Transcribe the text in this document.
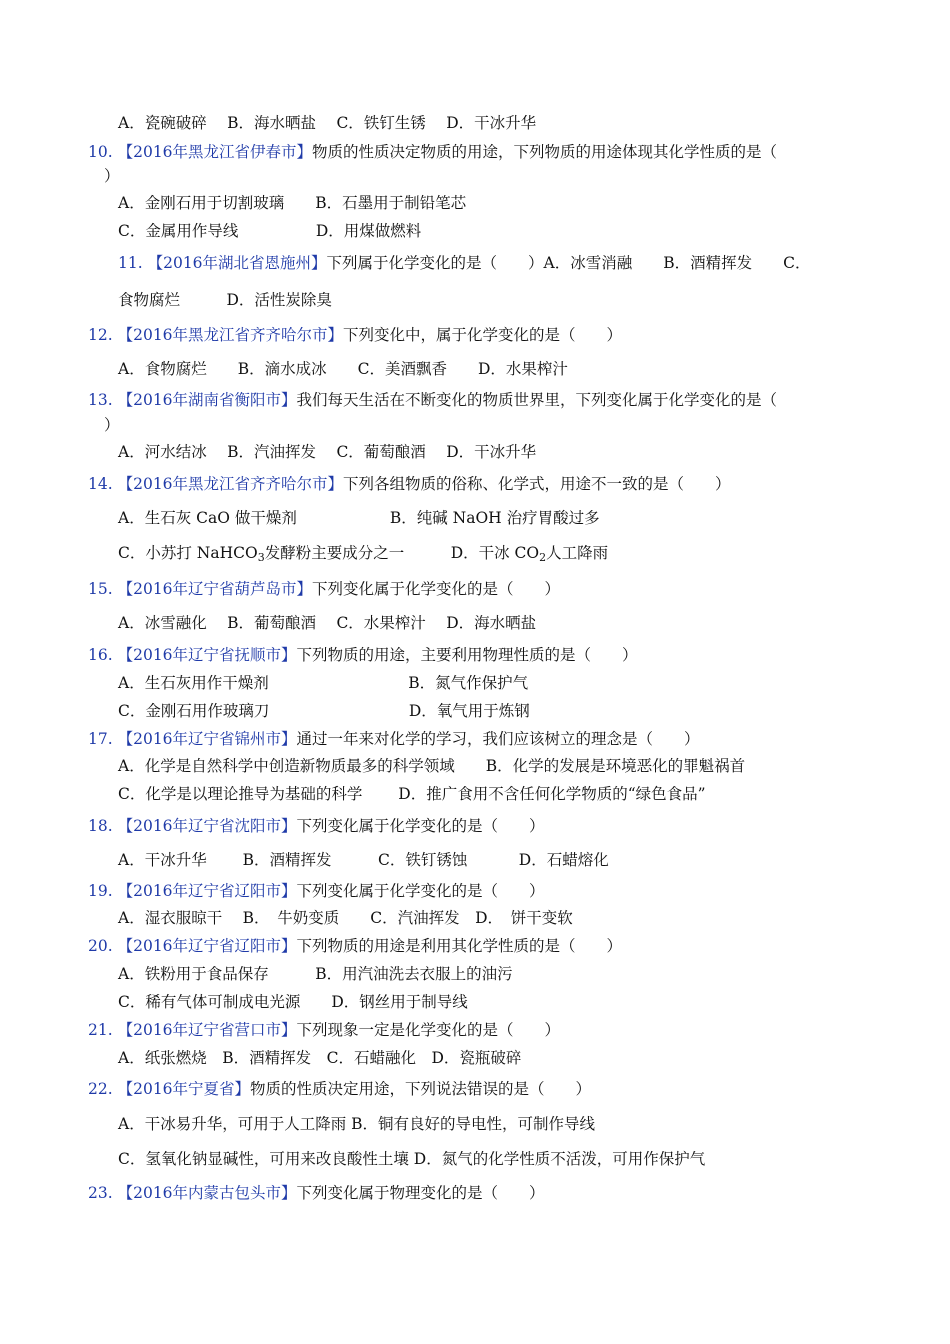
A．瓷碗破碎　 B．海水晒盐　 C．铁钉生锈　 D．干冰升华
10. 【2016年黑龙江省伊春市】物质的性质决定物质的用途，下列物质的用途体现其化学性质的是（
）
A．金刚石用于切割玻璃　　B．石墨用于制铅笔芯
C．金属用作导线　　　　　D．用煤做燃料
11. 【2016年湖北省恩施州】下列属于化学变化的是（　　）A．冰雪消融　　B．酒精挥发　　C．
食物腐烂　　　D．活性炭除臭
12. 【2016年黑龙江省齐齐哈尔市】下列变化中，属于化学变化的是（　　）
A．食物腐烂　　B．滴水成冰　　C．美酒飘香　　D．水果榨汁
13. 【2016年湖南省衡阳市】我们每天生活在不断变化的物质世界里，下列变化属于化学变化的是（
）
A．河水结冰　 B．汽油挥发　 C．葡萄酿酒　 D．干冰升华
14. 【2016年黑龙江省齐齐哈尔市】下列各组物质的俗称、化学式，用途不一致的是（　　）
A．生石灰 CaO 做干燥剂　　　　　　B．纯碱 NaOH 治疗胃酸过多
C．小苏打 NaHCO$_3$发酵粉主要成分之一　　　D．干冰 $CO_2$人工降雨
15. 【2016年辽宁省葫芦岛市】下列变化属于化学变化的是（　　）
A．冰雪融化　 B．葡萄酿酒　 C．水果榨汁　 D．海水晒盐
16. 【2016年辽宁省抚顺市】下列物质的用途，主要利用物理性质的是（　　）
A．生石灰用作干燥剂　　　　　　　　　B．氮气作保护气
C．金刚石用作玻璃刀　　　　　　　　　D．氧气用于炼钢
17. 【2016年辽宁省锦州市】通过一年来对化学的学习，我们应该树立的理念是（　　）
A．化学是自然科学中创造新物质最多的科学领域　　B．化学的发展是环境恶化的罪魁祸首
C．化学是以理论推导为基础的科学　　 D．推广食用不含任何化学物质的“绿色食品”
18. 【2016年辽宁省沈阳市】下列变化属于化学变化的是（　　）
A．干冰升华　　 B．酒精挥发　　　C．铁钉锈蚀　　　 D．石蜡熔化
19. 【2016年辽宁省辽阳市】下列变化属于化学变化的是（　　）
A．湿衣服晾干　 B．　牛奶变质　　C．汽油挥发　D．　饼干变软
20. 【2016年辽宁省辽阳市】下列物质的用途是利用其化学性质的是（　　）
A．铁粉用于食品保存　　　B．用汽油洗去衣服上的油污
C．稀有气体可制成电光源　　D．钢丝用于制导线
21. 【2016年辽宁省营口市】下列现象一定是化学变化的是（　　）
A．纸张燃烧　B．酒精挥发　C．石蜡融化　D．瓷瓶破碎
22. 【2016年宁夏省】物质的性质决定用途，下列说法错误的是（　　）
A．干冰易升华，可用于人工降雨 B．铜有良好的导电性，可制作导线
C．氢氧化钠显碱性，可用来改良酸性土壤 D．氮气的化学性质不活泼，可用作保护气
23. 【2016年内蒙古包头市】下列变化属于物理变化的是（　　）
